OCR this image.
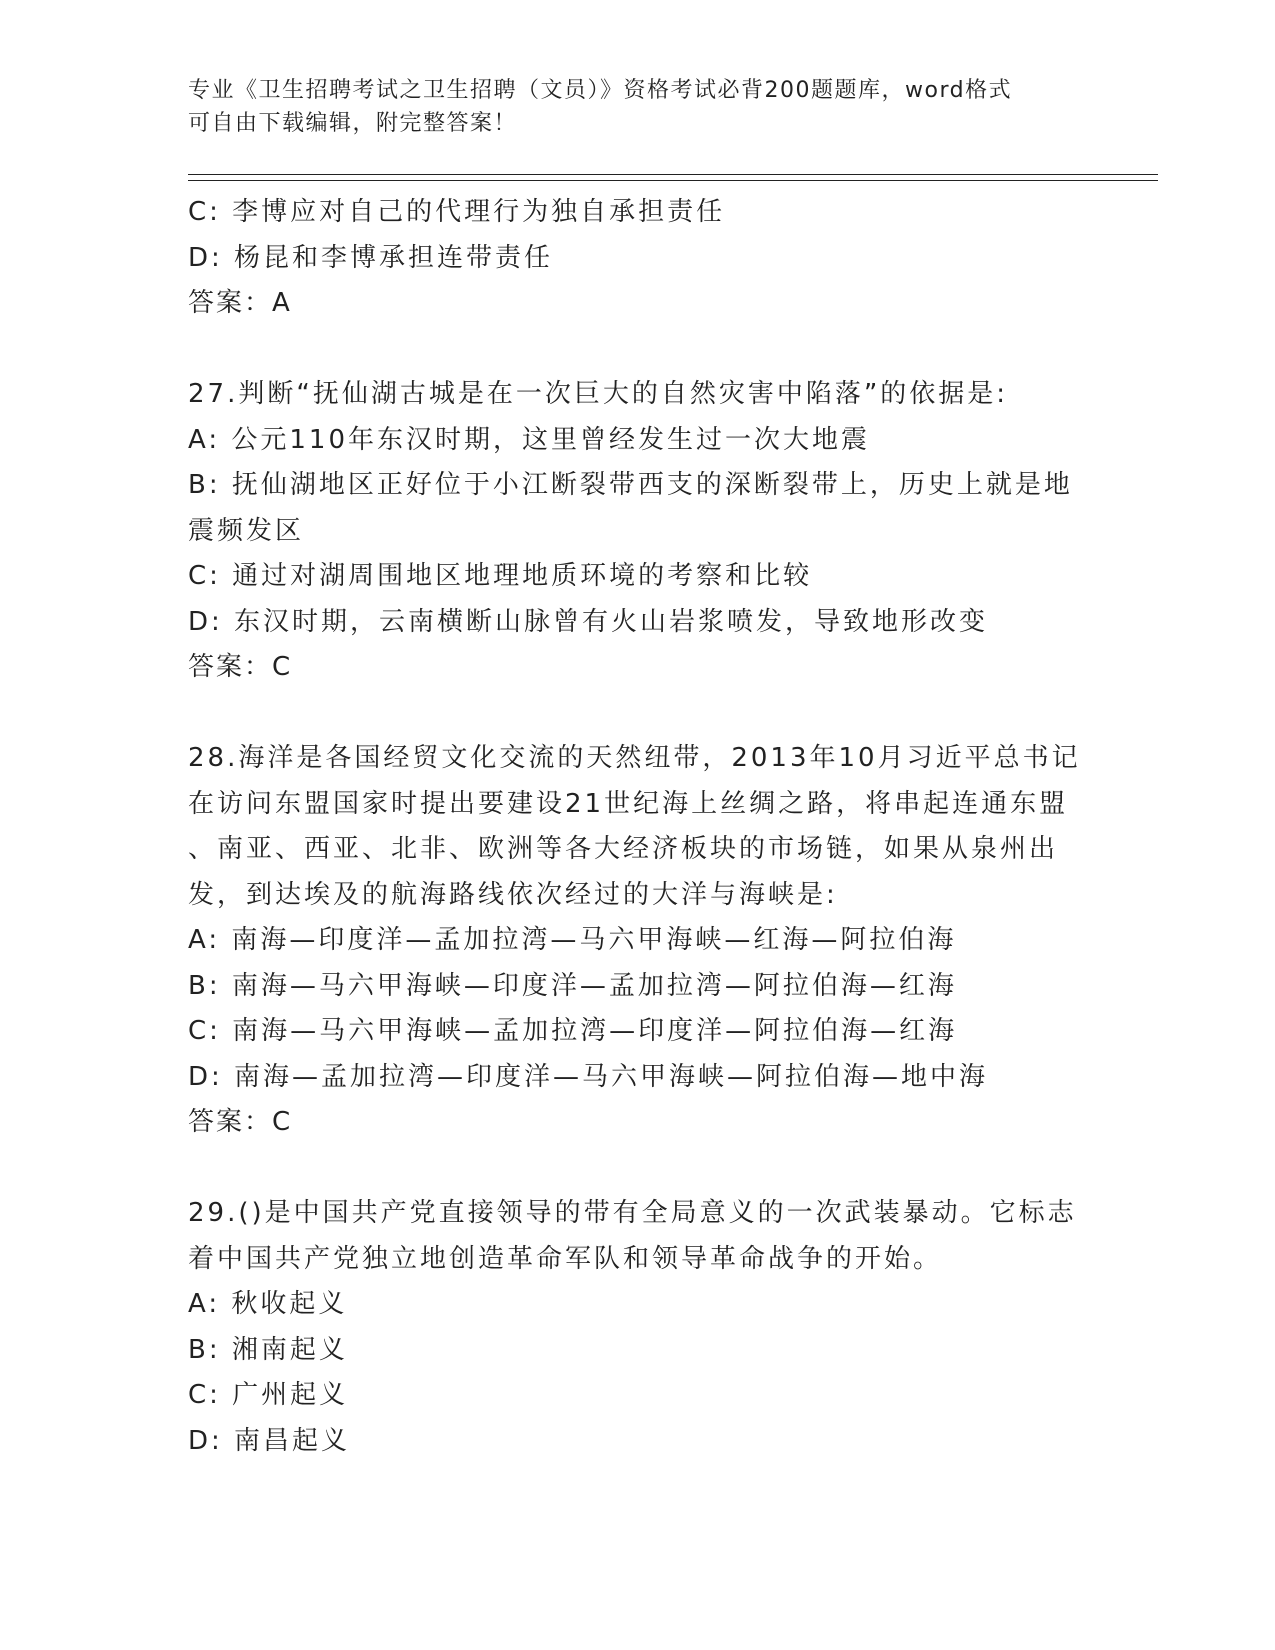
专业《卫生招聘考试之卫生招聘（文员）》资格考试必背200题题库，word格式
可自由下载编辑，附完整答案！
C: 李博应对自己的代理行为独自承担责任
D: 杨昆和李博承担连带责任
答案：A
27.判断“抚仙湖古城是在一次巨大的自然灾害中陷落”的依据是:
A: 公元110年东汉时期，这里曾经发生过一次大地震
B: 抚仙湖地区正好位于小江断裂带西支的深断裂带上，历史上就是地
震频发区
C: 通过对湖周围地区地理地质环境的考察和比较
D: 东汉时期，云南横断山脉曾有火山岩浆喷发，导致地形改变
答案：C
28.海洋是各国经贸文化交流的天然纽带，2013年10月习近平总书记
在访问东盟国家时提出要建设21世纪海上丝绸之路，将串起连通东盟
、南亚、西亚、北非、欧洲等各大经济板块的市场链，如果从泉州出
发，到达埃及的航海路线依次经过的大洋与海峡是:
A: 南海—印度洋—孟加拉湾—马六甲海峡—红海—阿拉伯海
B: 南海—马六甲海峡—印度洋—孟加拉湾—阿拉伯海—红海
C: 南海—马六甲海峡—孟加拉湾—印度洋—阿拉伯海—红海
D: 南海—孟加拉湾—印度洋—马六甲海峡—阿拉伯海—地中海
答案：C
29.()是中国共产党直接领导的带有全局意义的一次武装暴动。它标志
着中国共产党独立地创造革命军队和领导革命战争的开始。
A: 秋收起义
B: 湘南起义
C: 广州起义
D: 南昌起义
